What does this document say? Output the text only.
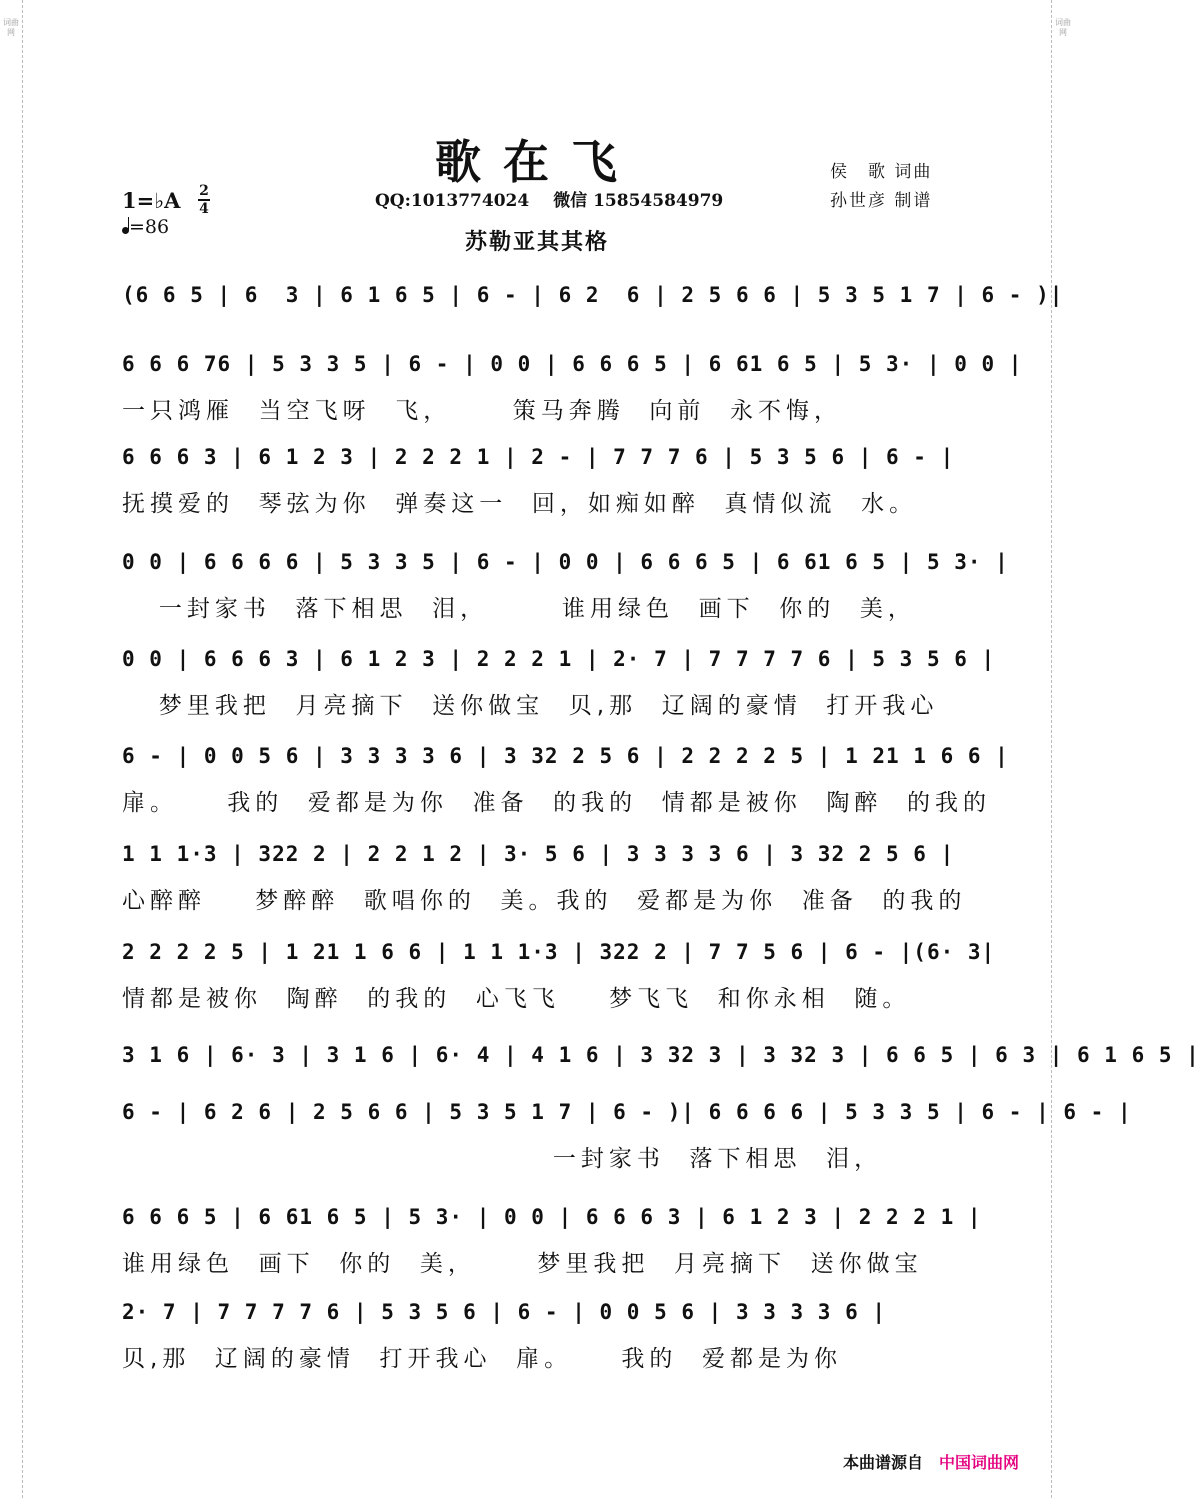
词曲网
词曲网
歌在飞
QQ:1013774024 微信 15854584979
苏勒亚其其格
侯　歌 词曲
孙世彦 制谱
1=♭A 2
4
=86
(6 6 5 | 6  3 | 6 1 6 5 | 6 - | 6 2  6 | 2 5 6 6 | 5 3 5 1 7 | 6 - )|
6 6 6 76 | 5 3 3 5 | 6 - | 0 0 | 6 6 6 5 | 6 61 6 5 | 5 3· | 0 0 |
一只鸿雁  当空飞呀  飞，     策马奔腾  向前  永不悔，
6 6 6 3 | 6 1 2 3 | 2 2 2 1 | 2 - | 7 7 7 6 | 5 3 5 6 | 6 - |
抚摸爱的  琴弦为你  弹奏这一  回，如痴如醉  真情似流  水。
0 0 | 6 6 6 6 | 5 3 3 5 | 6 - | 0 0 | 6 6 6 5 | 6 61 6 5 | 5 3· |
一封家书  落下相思  泪，      谁用绿色  画下  你的  美，
0 0 | 6 6 6 3 | 6 1 2 3 | 2 2 2 1 | 2· 7 | 7 7 7 7 6 | 5 3 5 6 |
梦里我把  月亮摘下  送你做宝  贝,那  辽阔的豪情  打开我心
6 - | 0 0 5 6 | 3 3 3 3 6 | 3 32 2 5 6 | 2 2 2 2 5 | 1 21 1 6 6 |
扉。    我的  爱都是为你  准备  的我的  情都是被你  陶醉  的我的
1 1 1·3 | 322 2 | 2 2 1 2 | 3· 5 6 | 3 3 3 3 6 | 3 32 2 5 6 |
心醉醉    梦醉醉  歌唱你的  美。我的  爱都是为你  准备  的我的
2 2 2 2 5 | 1 21 1 6 6 | 1 1 1·3 | 322 2 | 7 7 5 6 | 6 - |(6· 3|
情都是被你  陶醉  的我的  心飞飞    梦飞飞  和你永相  随。
3 1 6 | 6· 3 | 3 1 6 | 6· 4 | 4 1 6 | 3 32 3 | 3 32 3 | 6 6 5 | 6 3 | 6 1 6 5 |
6 - | 6 2 6 | 2 5 6 6 | 5 3 5 1 7 | 6 - )| 6 6 6 6 | 5 3 3 5 | 6 - | 6 - |
一封家书  落下相思  泪，
6 6 6 5 | 6 61 6 5 | 5 3· | 0 0 | 6 6 6 3 | 6 1 2 3 | 2 2 2 1 |
谁用绿色  画下  你的  美，     梦里我把  月亮摘下  送你做宝
2· 7 | 7 7 7 7 6 | 5 3 5 6 | 6 - | 0 0 5 6 | 3 3 3 3 6 |
贝,那  辽阔的豪情  打开我心  扉。    我的  爱都是为你
本曲谱源自 中国词曲网
